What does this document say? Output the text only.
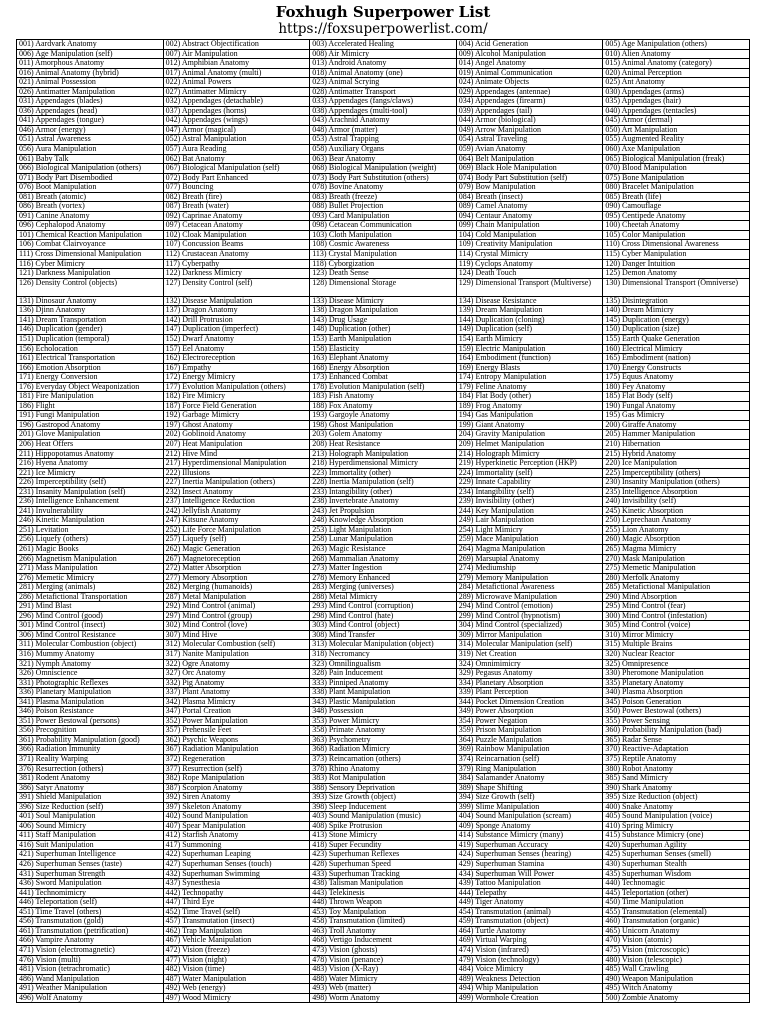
Foxhugh Superpower List
https://foxsuperpowerlist.com/
001) Aardvark Anatomy	002) Abstract Objectification	003) Accelerated Healing	004) Acid Generation	005) Age Manipulation (others)
006) Age Manipulation (self)	007) Air Manipulation	008) Air Mimicry	009) Alcohol Manipulation	010) Alien Anatomy
011) Amorphous Anatomy	012) Amphibian Anatomy	013) Android Anatomy	014) Angel Anatomy	015) Animal Anatomy (category)
016) Animal Anatomy (hybrid)	017) Animal Anatomy (multi)	018) Animal Anatomy (one)	019) Animal Communication	020) Animal Perception
021) Animal Possession	022) Animal Powers	023) Animal Scrying	024) Animate Objects	025) Ant Anatomy
026) Antimatter Manipulation	027) Antimatter Mimicry	028) Antimatter Transport	029) Appendages (antennae)	030) Appendages (arms)
031) Appendages (blades)	032) Appendages (detachable)	033) Appendages (fangs/claws)	034) Appendages (firearm)	035) Appendages (hair)
036) Appendages (head)	037) Appendages (horns)	038) Appendages (multi-tool)	039) Appendages (tail)	040) Appendages (tentacles)
041) Appendages (tongue)	042) Appendages (wings)	043) Arachnid Anatomy	044) Armor (biological)	045) Armor (dermal)
046) Armor (energy)	047) Armor (magical)	048) Armor (matter)	049) Arrow Manipulation	050) Art Manipulation
051) Astral Awareness	052) Astral Manipulation	053) Astral Trapping	054) Astral Traveling	055) Augmented Reality
056) Aura Manipulation	057) Aura Reading	058) Auxiliary Organs	059) Avian Anatomy	060) Axe Manipulation
061) Baby Talk	062) Bat Anatomy	063) Bear Anatomy	064) Belt Manipulation	065) Biological Manipulation (freak)
066) Biological Manipulation (others)	067) Biological Manipulation (self)	068) Biological Manipulation (weight)	069) Black Hole Manipulation	070) Blood Manipulation
071) Body Part Disembodied	072) Body Part Enhanced	073) Body Part Substitution (others)	074) Body Part Substitution (self)	075) Bone Manipulation
076) Boot Manipulation	077) Bouncing	078) Bovine Anatomy	079) Bow Manipulation	080) Bracelet Manipulation
081) Breath (atomic)	082) Breath (fire)	083) Breath (freeze)	084) Breath (insect)	085) Breath (life)
086) Breath (vortex)	087) Breath (water)	088) Bullet Projection	089) Camel Anatomy	090) Camouflage
091) Canine Anatomy	092) Caprinae Anatomy	093) Card Manipulation	094) Centaur Anatomy	095) Centipede Anatomy
096) Cephalopod Anatomy	097) Cetacean Anatomy	098) Cetacean Communication	099) Chain Manipulation	100) Cheetah Anatomy
101) Chemical Reaction Manipulation	102) Cloak Manipulation	103) Cloth Manipulation	104) Cold Manipulation	105) Color Manipulation
106) Combat Clairvoyance	107) Concussion Beams	108) Cosmic Awareness	109) Creativity Manipulation	110) Cross Dimensional Awareness
111) Cross Dimensional Manipulation	112) Crustacean Anatomy	113) Crystal Manipulation	114) Crystal Mimicry	115) Cyber Manipulation
116) Cyber Mimicry	117) Cyberpathy	118) Cyborgization	119) Cyclops Anatomy	120) Danger Intuition
121) Darkness Manipulation	122) Darkness Mimicry	123) Death Sense	124) Death Touch	125) Demon Anatomy
126) Density Control (objects)	127) Density Control (self)	128) Dimensional Storage	129) Dimensional Transport (Multiverse)	130) Dimensional Transport (Omniverse)
131) Dinosaur Anatomy	132) Disease Manipulation	133) Disease Mimicry	134) Disease Resistance	135) Disintegration
136) Djinn Anatomy	137) Dragon Anatomy	138) Dragon Manipulation	139) Dream Manipulation	140) Dream Mimicry
141) Dream Transportation	142) Drill Protrusion	143) Drug Usage	144) Duplication (cloning)	145) Duplication (energy)
146) Duplication (gender)	147) Duplication (imperfect)	148) Duplication (other)	149) Duplication (self)	150) Duplication (size)
151) Duplication (temporal)	152) Dwarf Anatomy	153) Earth Manipulation	154) Earth Mimicry	155) Earth Quake Generation
156) Echolocation	157) Eel Anatomy	158) Elasticity	159) Electric Manipulation	160) Electrical Mimicry
161) Electrical Transportation	162) Electroreception	163) Elephant Anatomy	164) Embodiment (function)	165) Embodiment (nation)
166) Emotion Absorption	167) Empathy	168) Energy Absorption	169) Energy Blasts	170) Energy Constructs
171) Energy Conversion	172) Energy Mimicry	173) Enhanced Combat	174) Entropy Manipulation	175) Equus Anatomy
176) Everyday Object Weaponization	177) Evolution Manipulation (others)	178) Evolution Manipulation (self)	179) Feline Anatomy	180) Fey Anatomy
181) Fire Manipulation	182) Fire Mimicry	183) Fish Anatomy	184) Flat Body (other)	185) Flat Body (self)
186) Flight	187) Force Field Generation	188) Fox Anatomy	189) Frog Anatomy	190) Fungal Anatomy
191) Fungi Manipulation	192) Garbage Mimicry	193) Gargoyle Anatomy	194) Gas Manipulation	195) Gas Mimicry
196) Gastropod Anatomy	197) Ghost Anatomy	198) Ghost Manipulation	199) Giant Anatomy	200) Giraffe Anatomy
201) Glove Manipulation	202) Goblinoid Anatomy	203) Golem Anatomy	204) Gravity Manipulation	205) Hammer Manipulation
206) Heat Offers	207) Heat Manipulation	208) Heat Resistance	209) Helmet Manipulation	210) Hibernation
211) Hippopotamus Anatomy	212) Hive Mind	213) Holograph Manipulation	214) Holograph Mimicry	215) Hybrid Anatomy
216) Hyena Anatomy	217) Hyperdimensional Manipulation	218) Hyperdimensional Mimicry	219) Hyperkinetic Perception (HKP)	220) Ice Manipulation
221) Ice Mimicry	222) Illusions	223) Immortality (other)	224) Immortality (self)	225) Imperceptibility (others)
226) Imperceptibility (self)	227) Inertia Manipulation (others)	228) Inertia Manipulation (self)	229) Innate Capability	230) Insanity Manipulation (others)
231) Insanity Manipulation (self)	232) Insect Anatomy	233) Intangibility (other)	234) Intangibility (self)	235) Intelligence Absorption
236) Intelligence Enhancement	237) Intelligence Reduction	238) Invertebrate Anatomy	239) Invisibility (other)	240) Invisibility (self)
241) Invulnerability	242) Jellyfish Anatomy	243) Jet Propulsion	244) Key Manipulation	245) Kinetic Absorption
246) Kinetic Manipulation	247) Kitsune Anatomy	248) Knowledge Absorption	249) Lair Manipulation	250) Leprechaun Anatomy
251) Levitation	252) Life Force Manipulation	253) Light Manipulation	254) Light Mimicry	255) Lion Anatomy
256) Liquefy (others)	257) Liquefy (self)	258) Lunar Manipulation	259) Mace Manipulation	260) Magic Absorption
261) Magic Books	262) Magic Generation	263) Magic Resistance	264) Magma Manipulation	265) Magma Mimicry
266) Magnetism Manipulation	267) Magnetoreception	268) Mammalian Anatomy	269) Marsupial Anatomy	270) Mask Manipulation
271) Mass Manipulation	272) Matter Absorption	273) Matter Ingestion	274) Mediumship	275) Memetic Manipulation
276) Memetic Mimicry	277) Memory Absorption	278) Memory Enhanced	279) Memory Manipulation	280) Merfolk Anatomy
281) Merging (animals)	282) Merging (humanoids)	283) Merging (universes)	284) Metafictional Awareness	285) Metafictional Manipulation
286) Metafictional Transportation	287) Metal Manipulation	288) Metal Mimicry	289) Microwave Manipulation	290) Mind Absorption
291) Mind Blast	292) Mind Control (animal)	293) Mind Control (corruption)	294) Mind Control (emotion)	295) Mind Control (fear)
296) Mind Control (good)	297) Mind Control (group)	298) Mind Control (hate)	299) Mind Control (hypnotism)	300) Mind Control (infestation)
301) Mind Control (insect)	302) Mind Control (love)	303) Mind Control (object)	304) Mind Control (specialized)	305) Mind Control (voice)
306) Mind Control Resistance	307) Mind Hive	308) Mind Transfer	309) Mirror Manipulation	310) Mirror Mimicry
311) Molecular Combustion (object)	312) Molecular Combustion (self)	313) Molecular Manipulation (object)	314) Molecular Manipulation (self)	315) Multiple Brains
316) Mummy Anatomy	317) Nanite Manipulation	318) Necromancy	319) Net Creation	320) Nuclear Reactor
321) Nymph Anatomy	322) Ogre Anatomy	323) Omnilingualism	324) Omnimimicry	325) Omnipresence
326) Omniscience	327) Orc Anatomy	328) Pain Inducement	329) Pegasus Anatomy	330) Pheromone Manipulation
331) Photographic Reflexes	332) Pig Anatomy	333) Pinniped Anatomy	334) Planetary Absorption	335) Planetary Anatomy
336) Planetary Manipulation	337) Plant Anatomy	338) Plant Manipulation	339) Plant Perception	340) Plasma Absorption
341) Plasma Manipulation	342) Plasma Mimicry	343) Plastic Manipulation	344) Pocket Dimension Creation	345) Poison Generation
346) Poison Resistance	347) Portal Creation	348) Possession	349) Power Absorption	350) Power Bestowal (others)
351) Power Bestowal (persons)	352) Power Manipulation	353) Power Mimicry	354) Power Negation	355) Power Sensing
356) Precognition	357) Prehensile Feet	358) Primate Anatomy	359) Prison Manipulation	360) Probability Manipulation (bad)
361) Probability Manipulation (good)	362) Psychic Weapons	363) Psychometry	364) Puzzle Manipulation	365) Radar Sense
366) Radiation Immunity	367) Radiation Manipulation	368) Radiation Mimicry	369) Rainbow Manipulation	370) Reactive-Adaptation
371) Reality Warping	372) Regeneration	373) Reincarnation (others)	374) Reincarnation (self)	375) Reptile Anatomy
376) Resurrection (others)	377) Resurrection (self)	378) Rhino Anatomy	379) Ring Manipulation	380) Robot Anatomy
381) Rodent Anatomy	382) Rope Manipulation	383) Rot Manipulation	384) Salamander Anatomy	385) Sand Mimicry
386) Satyr Anatomy	387) Scorpion Anatomy	388) Sensory Deprivation	389) Shape Shifting	390) Shark Anatomy
391) Shield Manipulation	392) Siren Anatomy	393) Size Growth (object)	394) Size Growth (self)	395) Size Reduction (object)
396) Size Reduction (self)	397) Skeleton Anatomy	398) Sleep Inducement	399) Slime Manipulation	400) Snake Anatomy
401) Soul Manipulation	402) Sound Manipulation	403) Sound Manipulation (music)	404) Sound Manipulation (scream)	405) Sound Manipulation (voice)
406) Sound Mimicry	407) Spear Manipulation	408) Spike Protrusion	409) Sponge Anatomy	410) Spring Mimicry
411) Staff Manipulation	412) Starfish Anatomy	413) Stone Mimicry	414) Substance Mimicry (many)	415) Substance Mimicry (one)
416) Suit Manipulation	417) Summoning	418) Super Fecundity	419) Superhuman Accuracy	420) Superhuman Agility
421) Superhuman Intelligence	422) Superhuman Leaping	423) Superhuman Reflexes	424) Superhuman Senses (hearing)	425) Superhuman Senses (smell)
426) Superhuman Senses (taste)	427) Superhuman Senses (touch)	428) Superhuman Speed	429) Superhuman Stamina	430) Superhuman Stealth
431) Superhuman Strength	432) Superhuman Swimming	433) Superhuman Tracking	434) Superhuman Will Power	435) Superhuman Wisdom
436) Sword Manipulation	437) Synesthesia	438) Talisman Manipulation	439) Tattoo Manipulation	440) Technomagic
441) Technomimicry	442) Technopathy	443) Telekinesis	444) Telepathy	445) Teleportation (other)
446) Teleportation (self)	447) Third Eye	448) Thrown Weapon	449) Tiger Anatomy	450) Time Manipulation
451) Time Travel (others)	452) Time Travel (self)	453) Toy Manipulation	454) Transmutation (animal)	455) Transmutation (elemental)
456) Transmutation (gold)	457) Transmutation (insect)	458) Transmutation (limited)	459) Transmutation (object)	460) Transmutation (organic)
461) Transmutation (petrification)	462) Trap Manipulation	463) Troll Anatomy	464) Turtle Anatomy	465) Unicorn Anatomy
466) Vampire Anatomy	467) Vehicle Manipulation	468) Vertigo Inducement	469) Virtual Warping	470) Vision (atomic)
471) Vision (electromagnetic)	472) Vision (freeze)	473) Vision (ghosts)	474) Vision (infrared)	475) Vision (microscopic)
476) Vision (multi)	477) Vision (night)	478) Vision (penance)	479) Vision (technology)	480) Vision (telescopic)
481) Vision (tetrachromatic)	482) Vision (time)	483) Vision (X-Ray)	484) Voice Mimicry	485) Wall Crawling
486) Wand Manipulation	487) Water Manipulation	488) Water Mimicry	489) Weakness Detection	490) Weapon Manipulation
491) Weather Manipulation	492) Web (energy)	493) Web (matter)	494) Whip Manipulation	495) Witch Anatomy
496) Wolf Anatomy	497) Wood Mimicry	498) Worm Anatomy	499) Wormhole Creation	500) Zombie Anatomy
